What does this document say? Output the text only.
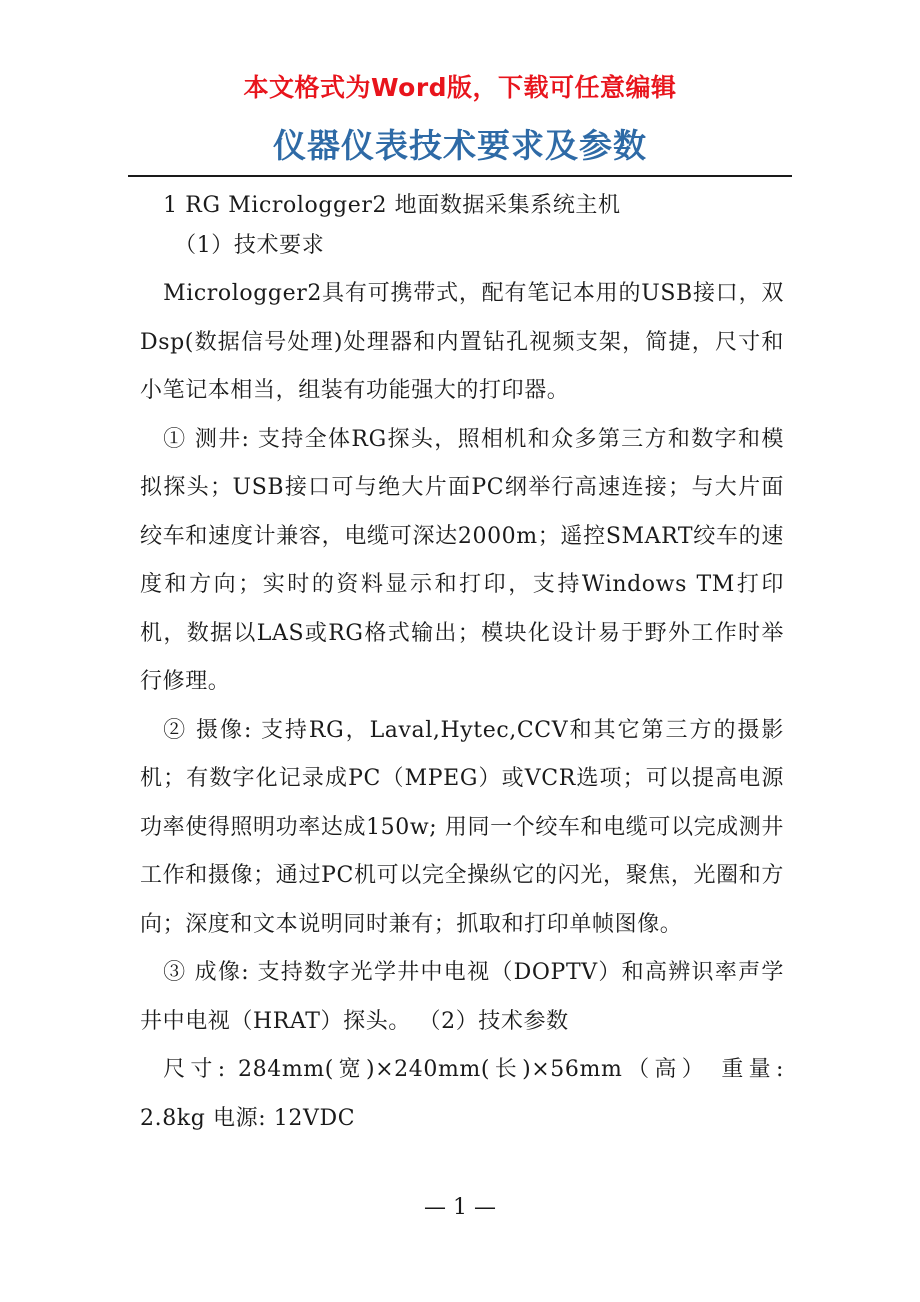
本文格式为Word版，下载可任意编辑
仪器仪表技术要求及参数

1 RG Micrologger2 地面数据采集系统主机

（1）技术要求

Micrologger2具有可携带式，配有笔记本用的USB接口，双Dsp(数据信号处理)处理器和内置钻孔视频支架，简捷，尺寸和小笔记本相当，组装有功能强大的打印器。

① 测井: 支持全体RG探头，照相机和众多第三方和数字和模拟探头；USB接口可与绝大片面PC纲举行高速连接；与大片面绞车和速度计兼容，电缆可深达2000m；遥控SMART绞车的速度和方向；实时的资料显示和打印，支持Windows TM打印机，数据以LAS或RG格式输出；模块化设计易于野外工作时举行修理。

② 摄像: 支持RG，Laval,Hytec,CCV和其它第三方的摄影机；有数字化记录成PC（MPEG）或VCR选项；可以提高电源功率使得照明功率达成150w; 用同一个绞车和电缆可以完成测井工作和摄像；通过PC机可以完全操纵它的闪光，聚焦，光圈和方向；深度和文本说明同时兼有；抓取和打印单帧图像。

③ 成像: 支持数字光学井中电视（DOPTV）和高辨识率声学井中电视（HRAT）探头。 （2）技术参数

尺寸: 284mm(宽)×240mm(长)×56mm（高） 重量: 2.8kg 电源: 12VDC

— 1 —
